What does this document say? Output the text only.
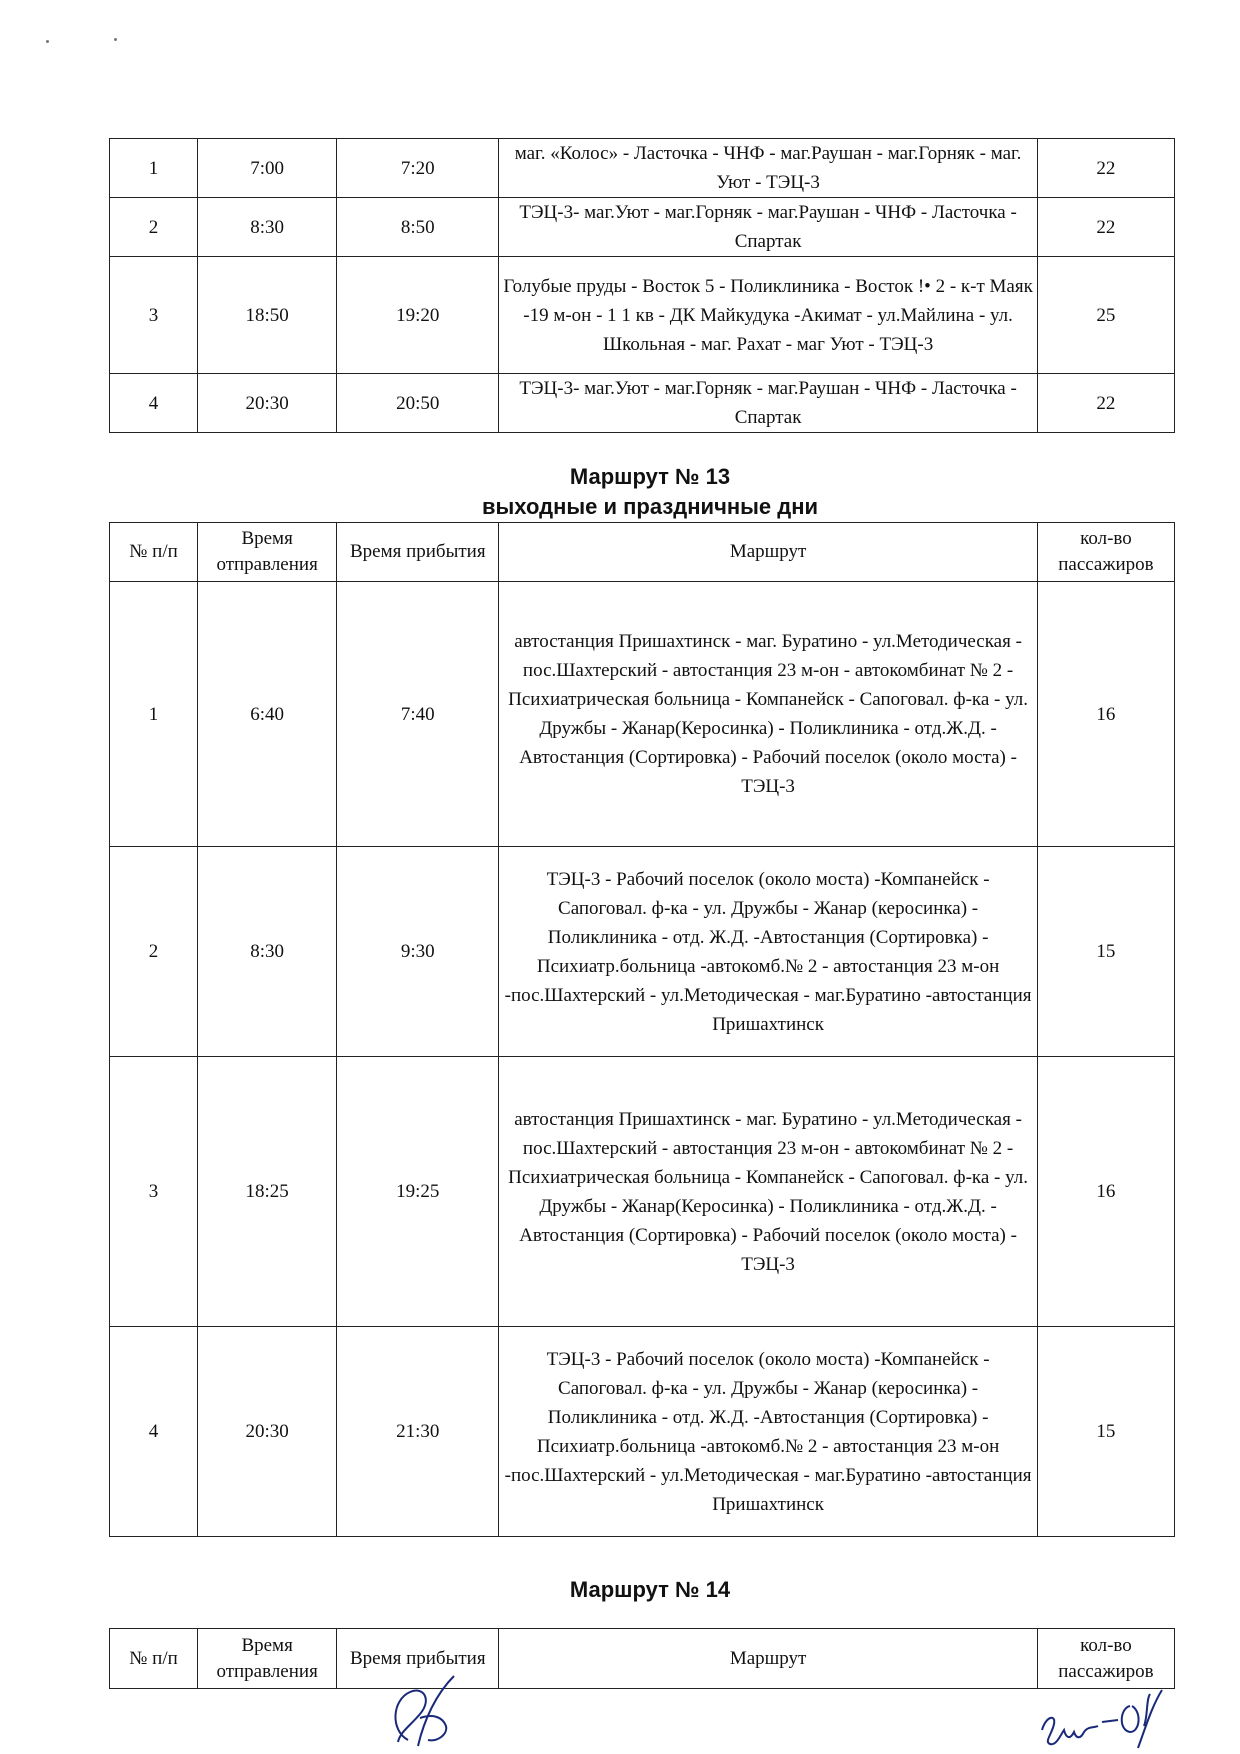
1	7:00	7:20	маг. «Колос» - Ласточка - ЧНФ - маг.Раушан - маг.Горняк - маг. Уют - ТЭЦ-3	22
2	8:30	8:50	ТЭЦ-3- маг.Уют - маг.Горняк - маг.Раушан - ЧНФ - Ласточка - Спартак	22
3	18:50	19:20	Голубые пруды - Восток 5 - Поликлиника - Восток !• 2 - к-т Маяк -19 м-он - 1 1 кв - ДК Майкудука -Акимат - ул.Майлина - ул. Школьная - маг. Рахат - маг Уют - ТЭЦ-3	25
4	20:30	20:50	ТЭЦ-3- маг.Уют - маг.Горняк - маг.Раушан - ЧНФ - Ласточка - Спартак	22
Маршрут № 13
выходные и праздничные дни
№ п/п	Время отправления	Время прибытия	Маршрут	кол-во пассажиров
1	6:40	7:40	автостанция Пришахтинск - маг. Буратино - ул.Методическая - пос.Шахтерский - автостанция 23 м-он - автокомбинат № 2 - Психиатрическая больница - Компанейск - Сапоговал. ф-ка - ул. Дружбы - Жанар(Керосинка) - Поликлиника - отд.Ж.Д. - Автостанция (Сортировка) - Рабочий поселок (около моста) - ТЭЦ-3	16
2	8:30	9:30	ТЭЦ-3 - Рабочий поселок (около моста) -Компанейск - Сапоговал. ф-ка - ул. Дружбы - Жанар (керосинка) - Поликлиника - отд. Ж.Д. -Автостанция (Сортировка) - Психиатр.больница -автокомб.№ 2 - автостанция 23 м-он -пос.Шахтерский - ул.Методическая - маг.Буратино -автостанция Пришахтинск	15
3	18:25	19:25	автостанция Пришахтинск - маг. Буратино - ул.Методическая - пос.Шахтерский - автостанция 23 м-он - автокомбинат № 2 - Психиатрическая больница - Компанейск - Сапоговал. ф-ка - ул. Дружбы - Жанар(Керосинка) - Поликлиника - отд.Ж.Д. - Автостанция (Сортировка) - Рабочий поселок (около моста) - ТЭЦ-3	16
4	20:30	21:30	ТЭЦ-3 - Рабочий поселок (около моста) -Компанейск - Сапоговал. ф-ка - ул. Дружбы - Жанар (керосинка) - Поликлиника - отд. Ж.Д. -Автостанция (Сортировка) - Психиатр.больница -автокомб.№ 2 - автостанция 23 м-он -пос.Шахтерский - ул.Методическая - маг.Буратино -автостанция Пришахтинск	15
Маршрут № 14
№ п/п	Время отправления	Время прибытия	Маршрут	кол-во пассажиров
